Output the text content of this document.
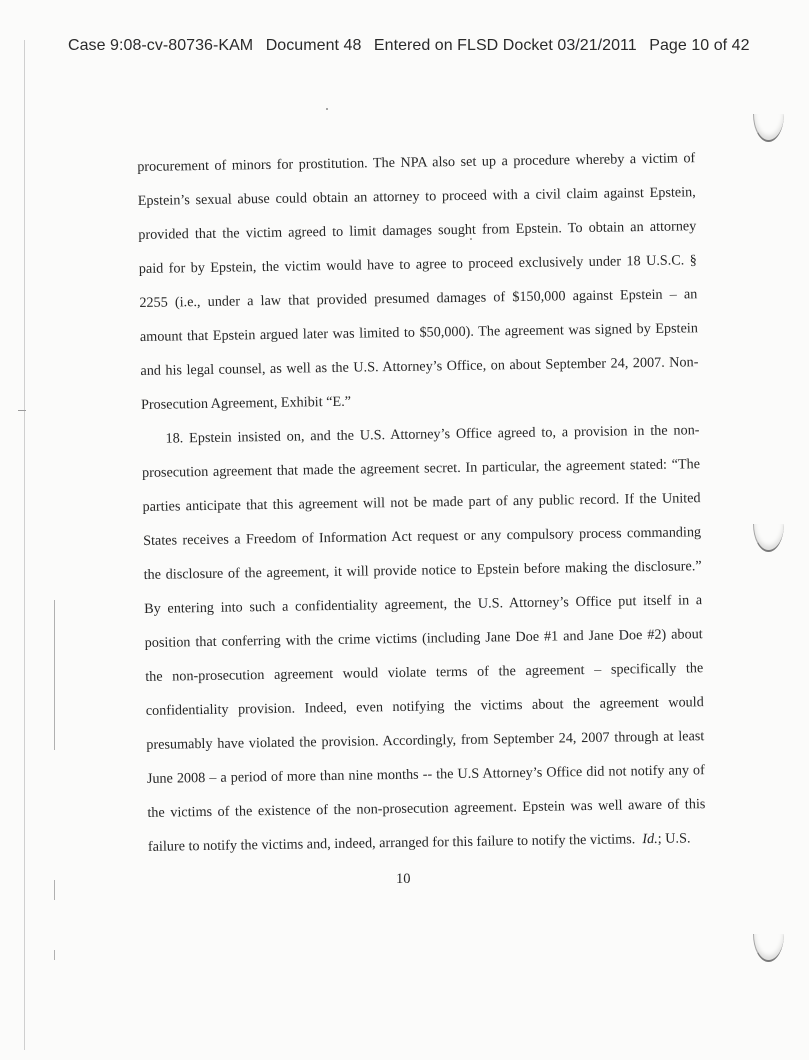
Case 9:08-cv-80736-KAM Document 48 Entered on FLSD Docket 03/21/2011 Page 10 of 42
procurement of minors for prostitution. The NPA also set up a procedure whereby a victim of
Epstein’s sexual abuse could obtain an attorney to proceed with a civil claim against Epstein,
provided that the victim agreed to limit damages sought from Epstein. To obtain an attorney
paid for by Epstein, the victim would have to agree to proceed exclusively under 18 U.S.C. §
2255 (i.e., under a law that provided presumed damages of $150,000 against Epstein – an
amount that Epstein argued later was limited to $50,000). The agreement was signed by Epstein
and his legal counsel, as well as the U.S. Attorney’s Office, on about September 24, 2007. Non-
Prosecution Agreement, Exhibit “E.”
18. Epstein insisted on, and the U.S. Attorney’s Office agreed to, a provision in the non-
prosecution agreement that made the agreement secret. In particular, the agreement stated: “The
parties anticipate that this agreement will not be made part of any public record. If the United
States receives a Freedom of Information Act request or any compulsory process commanding
the disclosure of the agreement, it will provide notice to Epstein before making the disclosure.”
By entering into such a confidentiality agreement, the U.S. Attorney’s Office put itself in a
position that conferring with the crime victims (including Jane Doe #1 and Jane Doe #2) about
the non-prosecution agreement would violate terms of the agreement – specifically the
confidentiality provision. Indeed, even notifying the victims about the agreement would
presumably have violated the provision. Accordingly, from September 24, 2007 through at least
June 2008 – a period of more than nine months -- the U.S Attorney’s Office did not notify any of
the victims of the existence of the non-prosecution agreement. Epstein was well aware of this
failure to notify the victims and, indeed, arranged for this failure to notify the victims. Id.; U.S.
10
